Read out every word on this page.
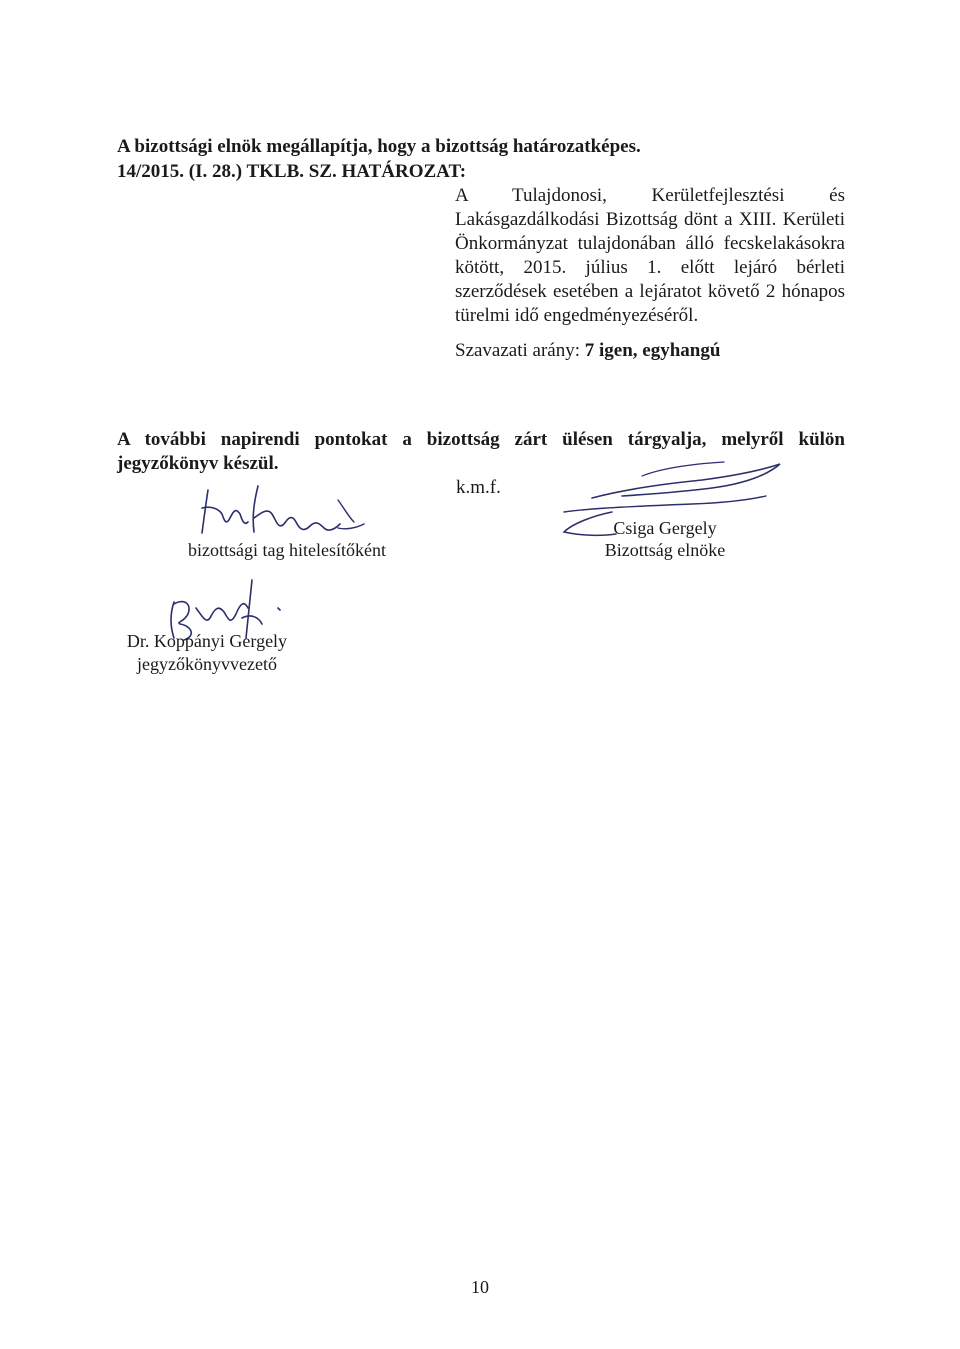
A bizottsági elnök megállapítja, hogy a bizottság határozatképes.
14/2015. (I. 28.) TKLB. SZ. HATÁROZAT:
A Tulajdonosi, Kerületfejlesztési és
Lakásgazdálkodási Bizottság dönt a XIII. Kerületi
Önkormányzat tulajdonában álló fecskelakásokra
kötött, 2015. július 1. előtt lejáró bérleti
szerződések esetében a lejáratot követő 2 hónapos
türelmi idő engedményezéséről.
Szavazati arány: 7 igen, egyhangú
A további napirendi pontokat a bizottság zárt ülésen tárgyalja, melyről külön
jegyzőkönyv készül.
k.m.f.
bizottsági tag hitelesítőként
Csiga Gergely
Bizottság elnöke
Dr. Koppányi Gergely
jegyzőkönyvvezető
10
